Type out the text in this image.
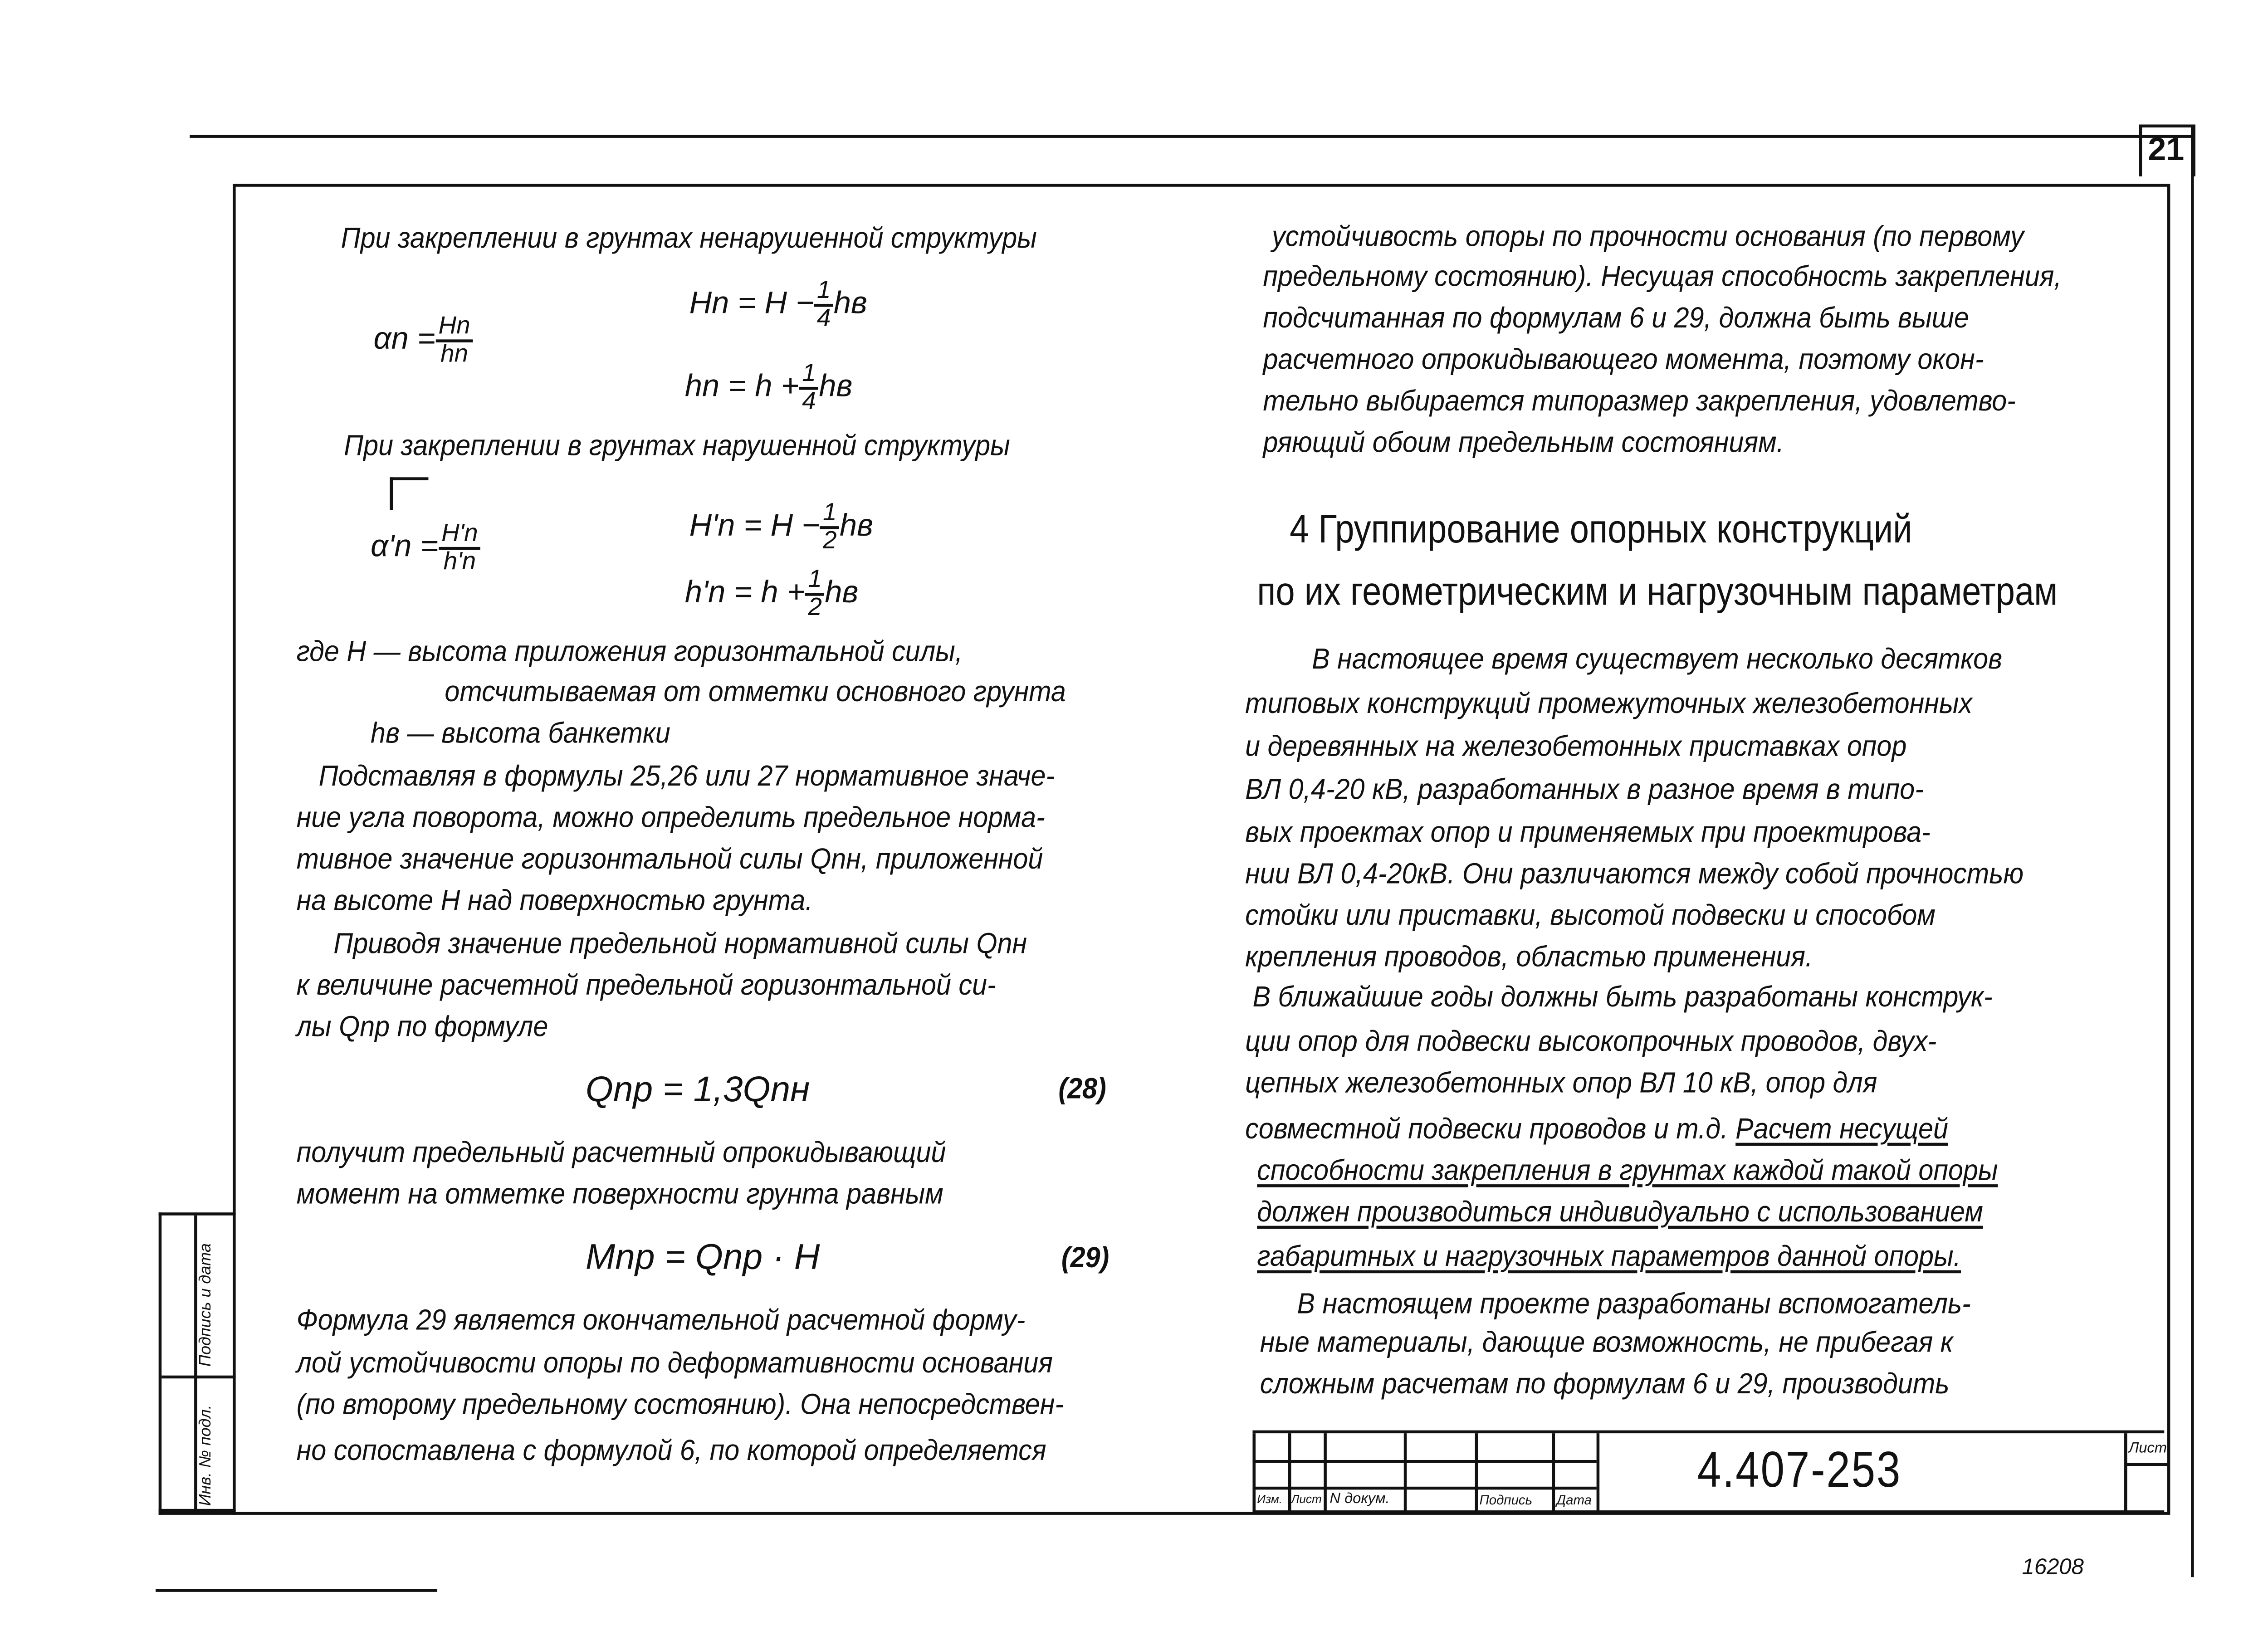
21
Подпись и дата
Инв. № подл.
При закреплении в грунтах ненарушенной структуры
$\alpha n = \frac{Hn}{hn}$
$Hn = H - \frac{1}{4}$ hв
hn = $h + \frac{1}{4}$ hв
При закреплении в грунтах нарушенной структуры
$\alpha'n = \frac{H'n}{h'n}$	$H'n = H - \frac{1}{2}$ hв
$h'n = h + \frac{1}{2}$ hв
где H — высота приложения горизонтальной силы,
отсчитываемая от отметки основного грунта
hв — высота банкетки
Подставляя в формулы 25,26 или 27 нормативное значе-
ние угла поворота, можно определить предельное норма-
тивное значение горизонтальной силы Qnн, приложенной
на высоте H над поверхностью грунта.
Приводя значение предельной нормативной силы Qnн
к величине расчетной предельной горизонтальной си-
лы Qnр по формуле
Qnр = 1,3Qnн	(28)
получит предельный расчетный опрокидывающий
момент на отметке поверхности грунта равным
Mnр = Qnр · H	(29)
Формула 29 является окончательной расчетной форму-
лой устойчивости опоры по деформативности основания
(по второму предельному состоянию). Она непосредствен-
но сопоставлена с формулой 6, по которой определяется
устойчивость опоры по прочности основания (по первому
предельному состоянию). Несущая способность закрепления,
подсчитанная по формулам 6 и 29, должна быть выше
расчетного опрокидывающего момента, поэтому окон-
тельно выбирается типоразмер закрепления, удовлетво-
ряющий обоим предельным состояниям.
4 Группирование опорных конструкций
по их геометрическим и нагрузочным параметрам
В настоящее время существует несколько десятков
типовых конструкций промежуточных железобетонных
и деревянных на железобетонных приставках опор
ВЛ 0,4-20 кВ, разработанных в разное время в типо-
вых проектах опор и применяемых при проектирова-
нии ВЛ 0,4-20кВ. Они различаются между собой прочностью
стойки или приставки, высотой подвески и способом
крепления проводов, областью применения.
В ближайшие годы должны быть разработаны конструк-
ции опор для подвески высокопрочных проводов, двух-
цепных железобетонных опор ВЛ 10 кВ, опор для
совместной подвески проводов и т.д. Расчет несущей
способности закрепления в грунтах каждой такой опоры
должен производиться индивидуально с использованием
габаритных и нагрузочных параметров данной опоры.
В настоящем проекте разработаны вспомогатель-
ные материалы, дающие возможность, не прибегая к
сложным расчетам по формулам 6 и 29, производить
Изм. Лист N докум.	Подпись	Дата
4.407-253	Лист
16208
